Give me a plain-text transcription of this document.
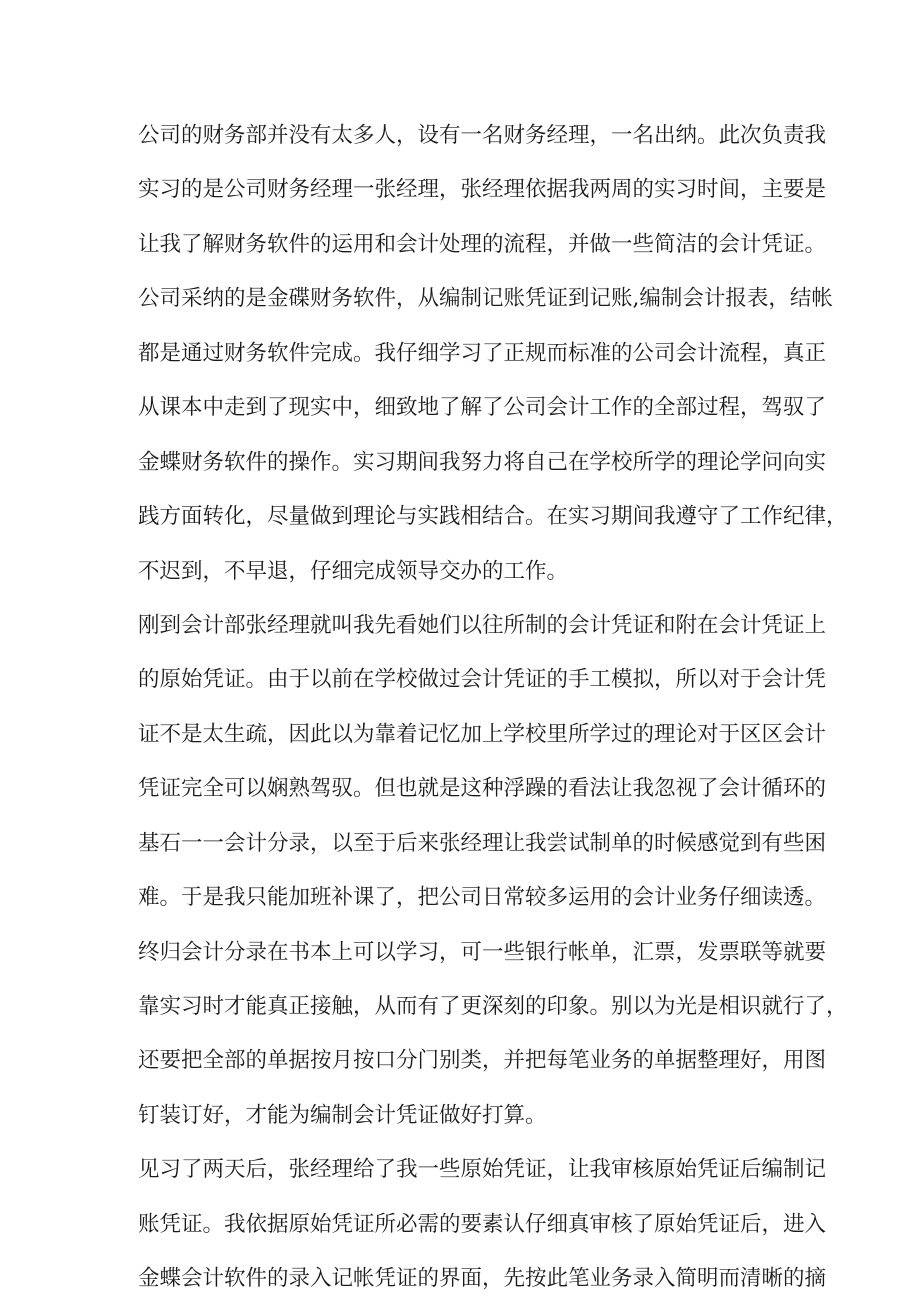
公司的财务部并没有太多人，设有一名财务经理，一名出纳。此次负责我
实习的是公司财务经理一张经理，张经理依据我两周的实习时间，主要是
让我了解财务软件的运用和会计处理的流程，并做一些简洁的会计凭证。
公司采纳的是金碟财务软件，从编制记账凭证到记账,编制会计报表，结帐
都是通过财务软件完成。我仔细学习了正规而标准的公司会计流程，真正
从课本中走到了现实中，细致地了解了公司会计工作的全部过程，驾驭了
金蝶财务软件的操作。实习期间我努力将自己在学校所学的理论学问向实
践方面转化，尽量做到理论与实践相结合。在实习期间我遵守了工作纪律，
不迟到，不早退，仔细完成领导交办的工作。
刚到会计部张经理就叫我先看她们以往所制的会计凭证和附在会计凭证上
的原始凭证。由于以前在学校做过会计凭证的手工模拟，所以对于会计凭
证不是太生疏，因此以为靠着记忆加上学校里所学过的理论对于区区会计
凭证完全可以娴熟驾驭。但也就是这种浮躁的看法让我忽视了会计循环的
基石一一会计分录，以至于后来张经理让我尝试制单的时候感觉到有些困
难。于是我只能加班补课了，把公司日常较多运用的会计业务仔细读透。
终归会计分录在书本上可以学习，可一些银行帐单，汇票，发票联等就要
靠实习时才能真正接触，从而有了更深刻的印象。别以为光是相识就行了，
还要把全部的单据按月按口分门别类，并把每笔业务的单据整理好，用图
钉装订好，才能为编制会计凭证做好打算。
见习了两天后，张经理给了我一些原始凭证，让我审核原始凭证后编制记
账凭证。我依据原始凭证所必需的要素认仔细真审核了原始凭证后，进入
金蝶会计软件的录入记帐凭证的界面，先按此笔业务录入简明而清晰的摘
